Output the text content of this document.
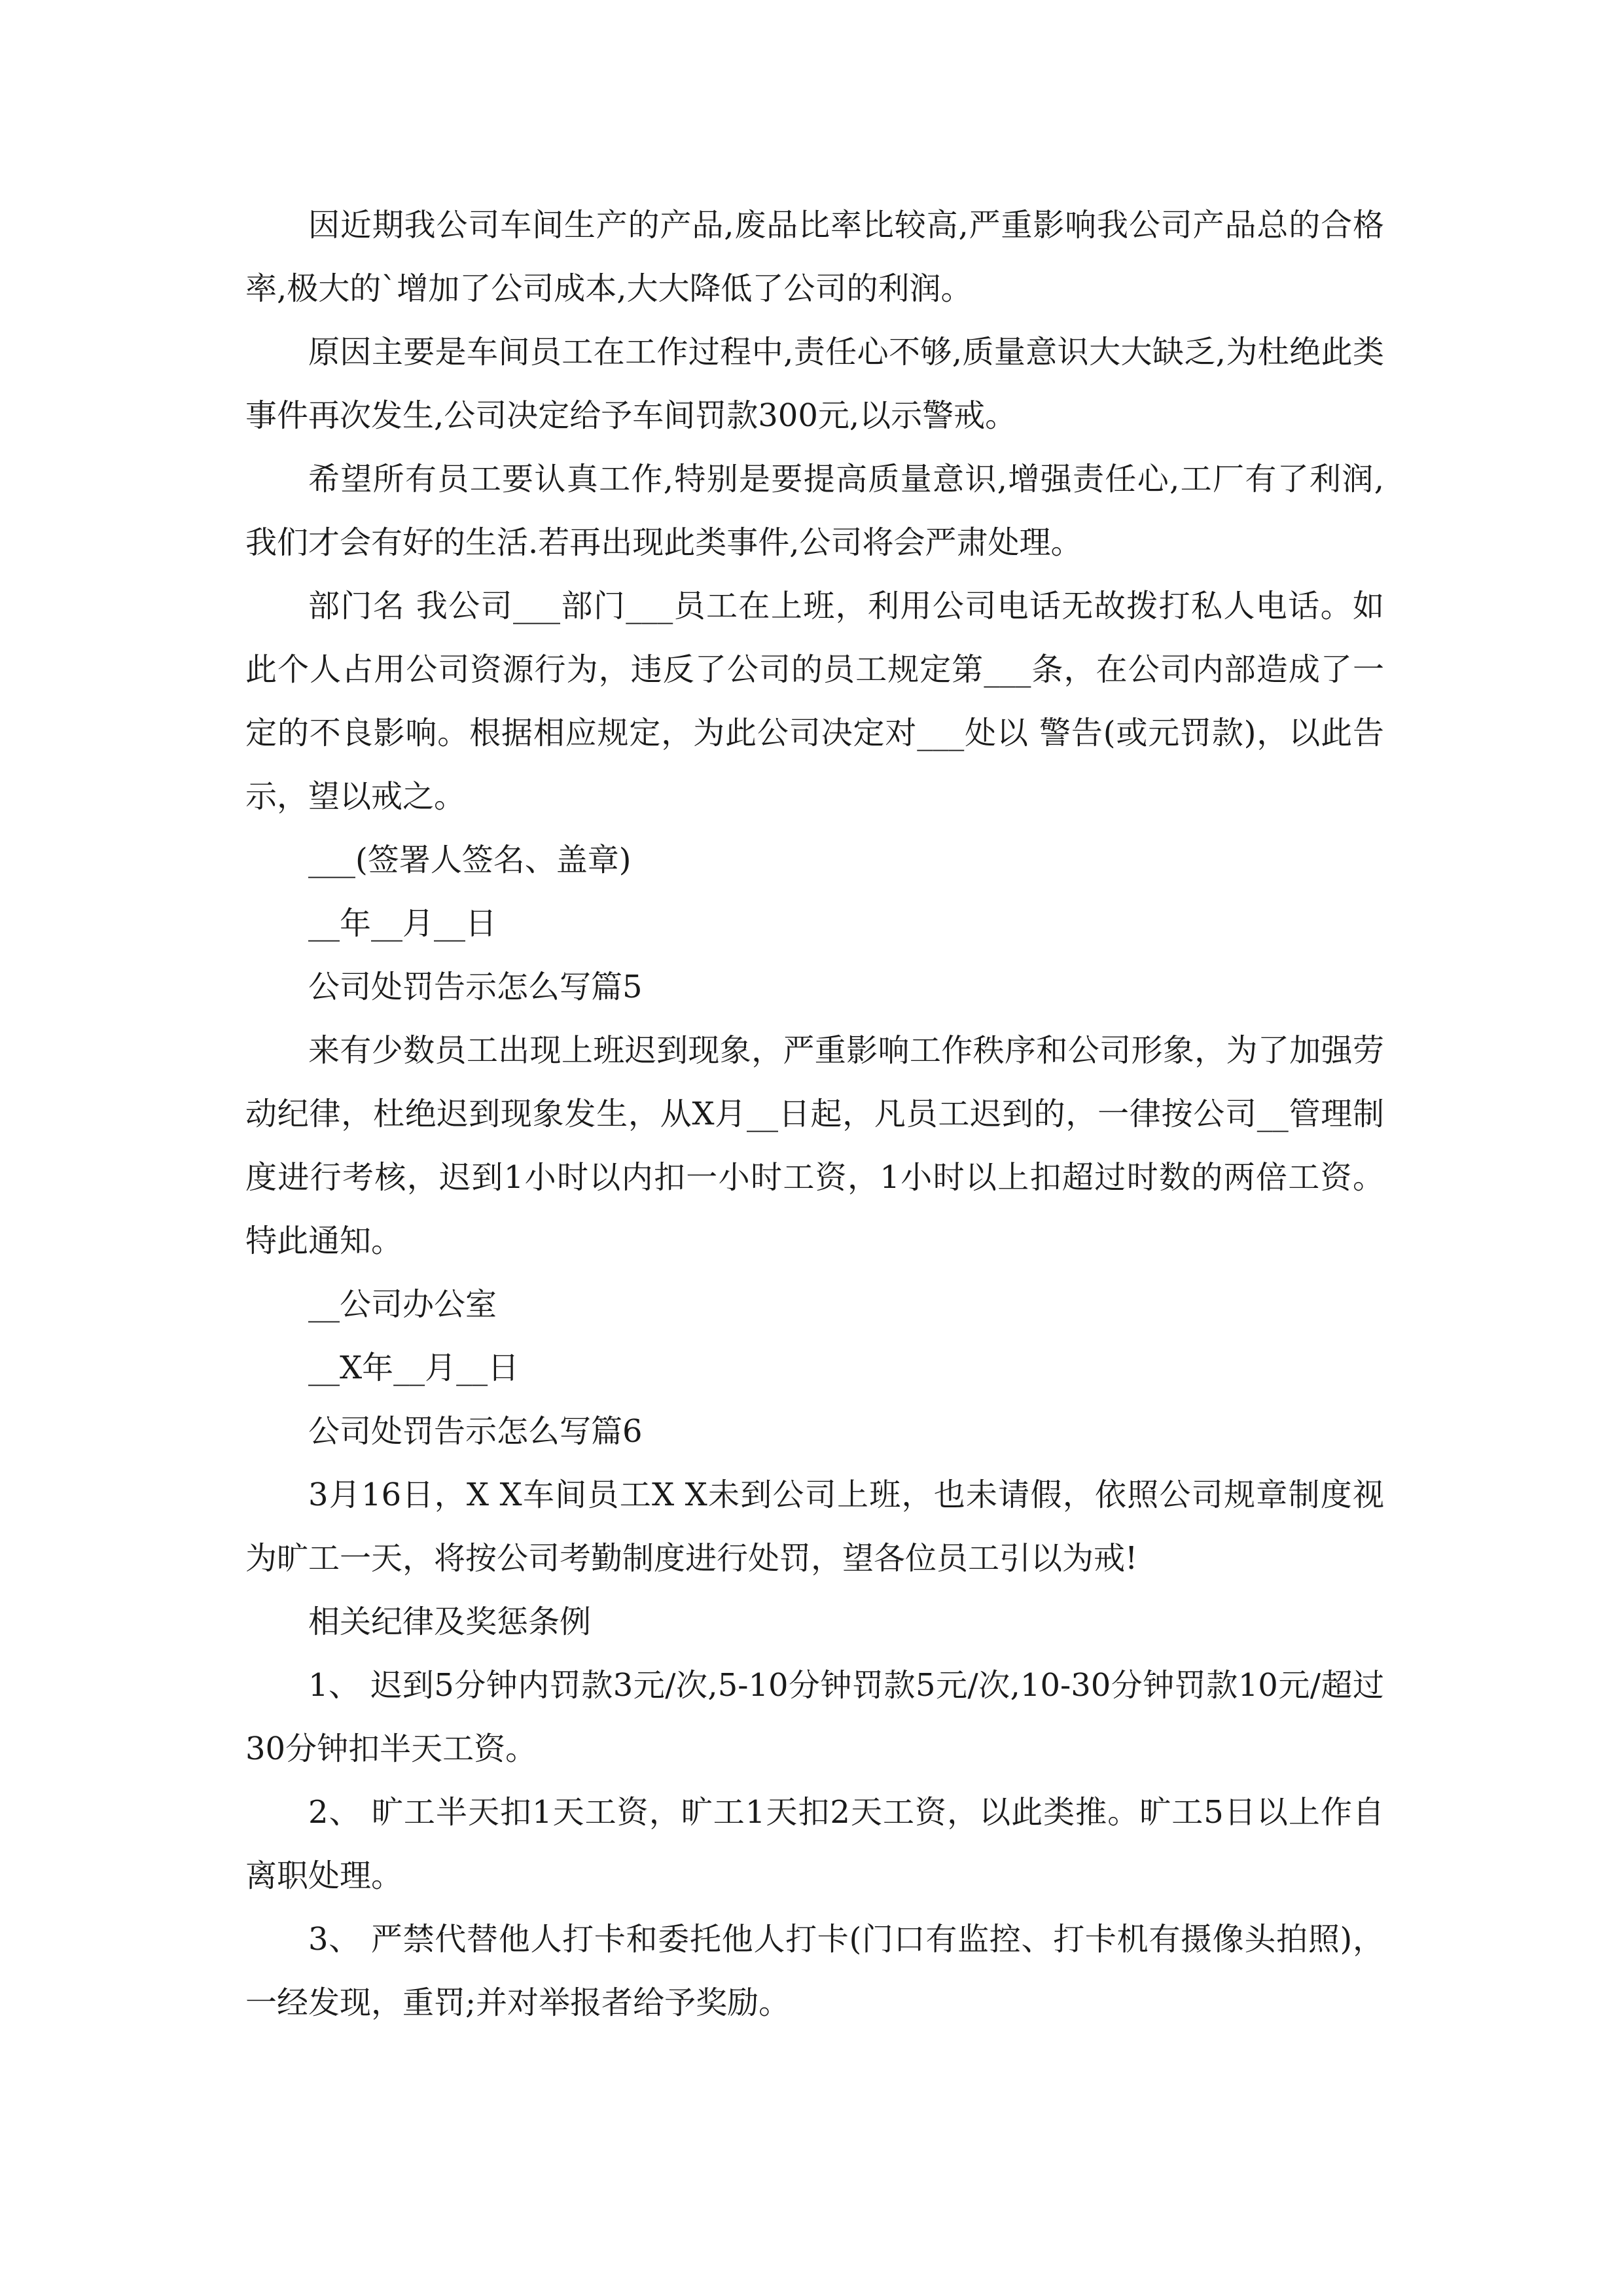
因近期我公司车间生产的产品,废品比率比较高,严重影响我公司产品总的合格率,极大的`增加了公司成本,大大降低了公司的利润。

原因主要是车间员工在工作过程中,责任心不够,质量意识大大缺乏,为杜绝此类事件再次发生,公司决定给予车间罚款300元,以示警戒。

希望所有员工要认真工作,特别是要提高质量意识,增强责任心,工厂有了利润,我们才会有好的生活.若再出现此类事件,公司将会严肃处理。

部门名 我公司___部门___员工在上班，利用公司电话无故拨打私人电话。如此个人占用公司资源行为，违反了公司的员工规定第___条，在公司内部造成了一定的不良影响。根据相应规定，为此公司决定对___处以 警告(或元罚款)，以此告示，望以戒之。

___(签署人签名、盖章)

__年__月__日

公司处罚告示怎么写篇5

来有少数员工出现上班迟到现象，严重影响工作秩序和公司形象，为了加强劳动纪律，杜绝迟到现象发生，从X月__日起，凡员工迟到的，一律按公司__管理制度进行考核，迟到1小时以内扣一小时工资，1小时以上扣超过时数的两倍工资。特此通知。

__公司办公室

__X年__月__日

公司处罚告示怎么写篇6

3月16日，X X车间员工X X未到公司上班，也未请假，依照公司规章制度视为旷工一天，将按公司考勤制度进行处罚，望各位员工引以为戒!

相关纪律及奖惩条例

1、 迟到5分钟内罚款3元/次,5-10分钟罚款5元/次,10-30分钟罚款10元/超过30分钟扣半天工资。

2、 旷工半天扣1天工资，旷工1天扣2天工资，以此类推。旷工5日以上作自离职处理。

3、 严禁代替他人打卡和委托他人打卡(门口有监控、打卡机有摄像头拍照)，一经发现，重罚;并对举报者给予奖励。
